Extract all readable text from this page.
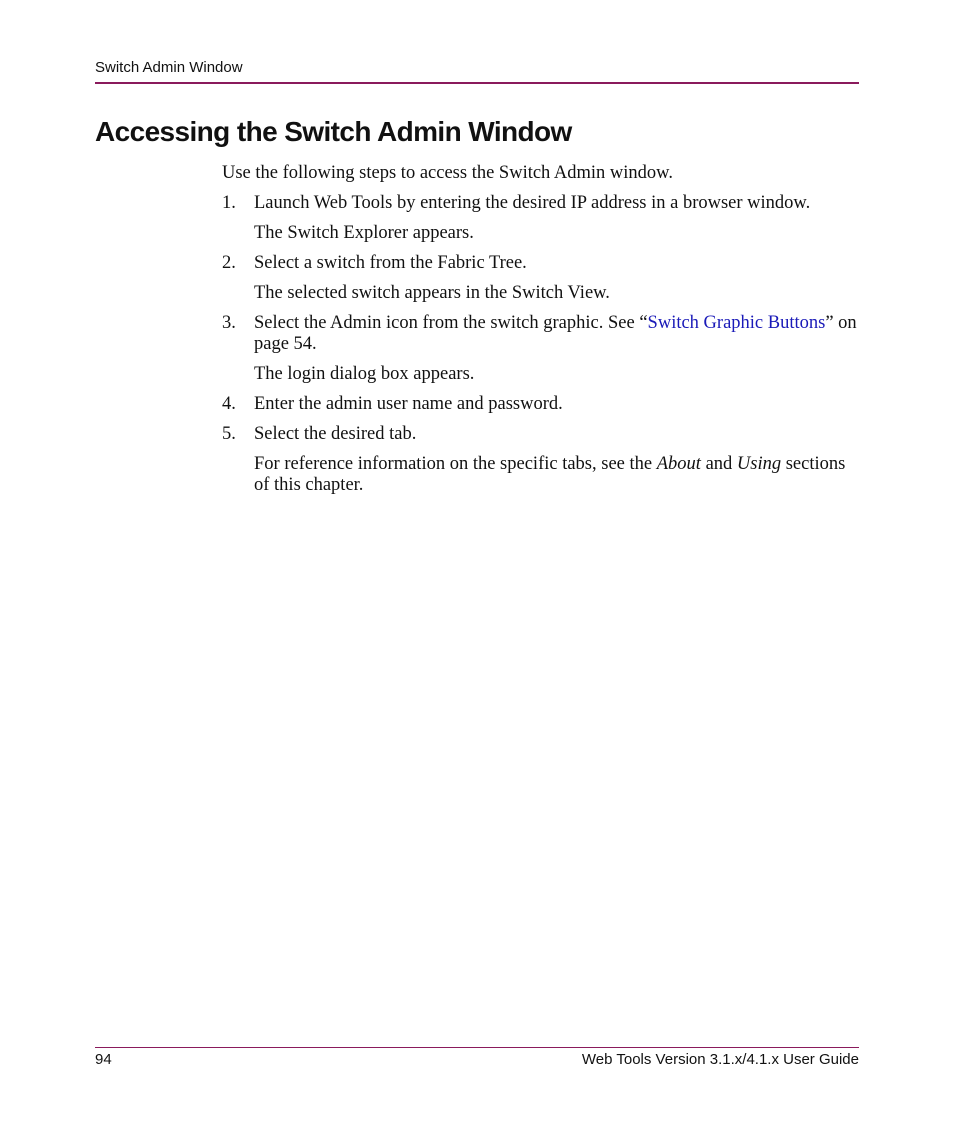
Switch Admin Window
Accessing the Switch Admin Window

Use the following steps to access the Switch Admin window.

1. Launch Web Tools by entering the desired IP address in a browser window.

The Switch Explorer appears.

2. Select a switch from the Fabric Tree.

The selected switch appears in the Switch View.

3. Select the Admin icon from the switch graphic. See “Switch Graphic Buttons” on page 54.

The login dialog box appears.

4. Enter the admin user name and password.
5. Select the desired tab.

For reference information on the specific tabs, see the About and Using sections of this chapter.

94	Web Tools Version 3.1.x/4.1.x User Guide
